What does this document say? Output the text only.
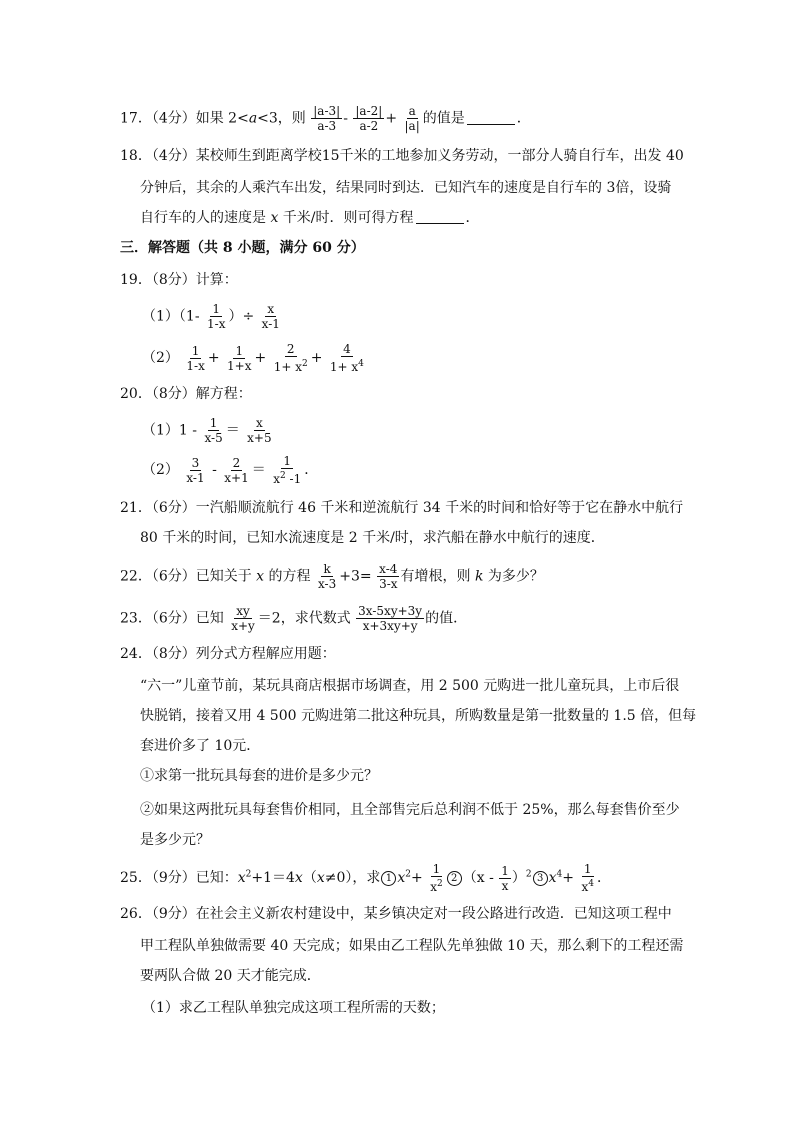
17．（4分）如果 2<a<3，则 $\frac{|a-3|}{a-3} - \frac{|a-2|}{a-2} + \frac{a}{|a|}$ 的值是	．
18．（4分）某校师生到距离学校15千米的工地参加义务劳动，一部分人骑自行车，出发 40
分钟后，其余的人乘汽车出发，结果同时到达．已知汽车的速度是自行车的 3倍，设骑
自行车的人的速度是 x 千米/时．则可得方程	．
三．解答题（共 8 小题，满分 60 分）
19．（8分）计算：
$(1)(1- \frac{1}{1-x}$ ）÷ $\frac{x}{x-1}$
$(2) \frac{1}{1-x} + \frac{1}{1+x} + \frac{2}{1+ x^2} + \frac{4}{1+ x^4}$
20．（8分）解方程：
$(1)1 - \frac{1}{x-5} = \frac{x}{x+5}$
$(2) \frac{3}{x-1} - \frac{2}{x+1} = \frac{1}{x^2 -1}$ ．
21．（6分）一汽船顺流航行 46 千米和逆流航行 34 千米的时间和恰好等于它在静水中航行
80 千米的时间，已知水流速度是 2 千米/时，求汽船在静水中航行的速度．
22．（6分）已知关于 x 的方程 $\frac{k}{x-3} +3= \frac{x-4}{3-x}$ 有增根，则 k 为多少？
23．（6分）已知 $\frac{xy}{x+y} =2$，求代数式 $\frac{3x-5xy+3y}{x+3xy+y}$ 的值．
24．（8分）列分式方程解应用题：
“六一”儿童节前，某玩具商店根据市场调查，用 2 500 元购进一批儿童玩具，上市后很
快脱销，接着又用 4 500 元购进第二批这种玩具，所购数量是第一批数量的 1.5 倍，但每
套进价多了 10元．
①求第一批玩具每套的进价是多少元？
②如果这两批玩具每套售价相同，且全部售完后总利润不低于 25%，那么每套售价至少
是多少元？
25．（9分）已知：$x^2+1=4x(x\ne 0)$，求 1 $x^2+ \frac{1}{x^2} 2$ $(x - \frac{1}{x} )^2$ 3 $x^4+ \frac{1}{x^4}$ ．
26．（9分）在社会主义新农村建设中，某乡镇决定对一段公路进行改造．已知这项工程中
甲工程队单独做需要 40 天完成；如果由乙工程队先单独做 10 天，那么剩下的工程还需
要两队合做 20 天才能完成．
（1）求乙工程队单独完成这项工程所需的天数；
